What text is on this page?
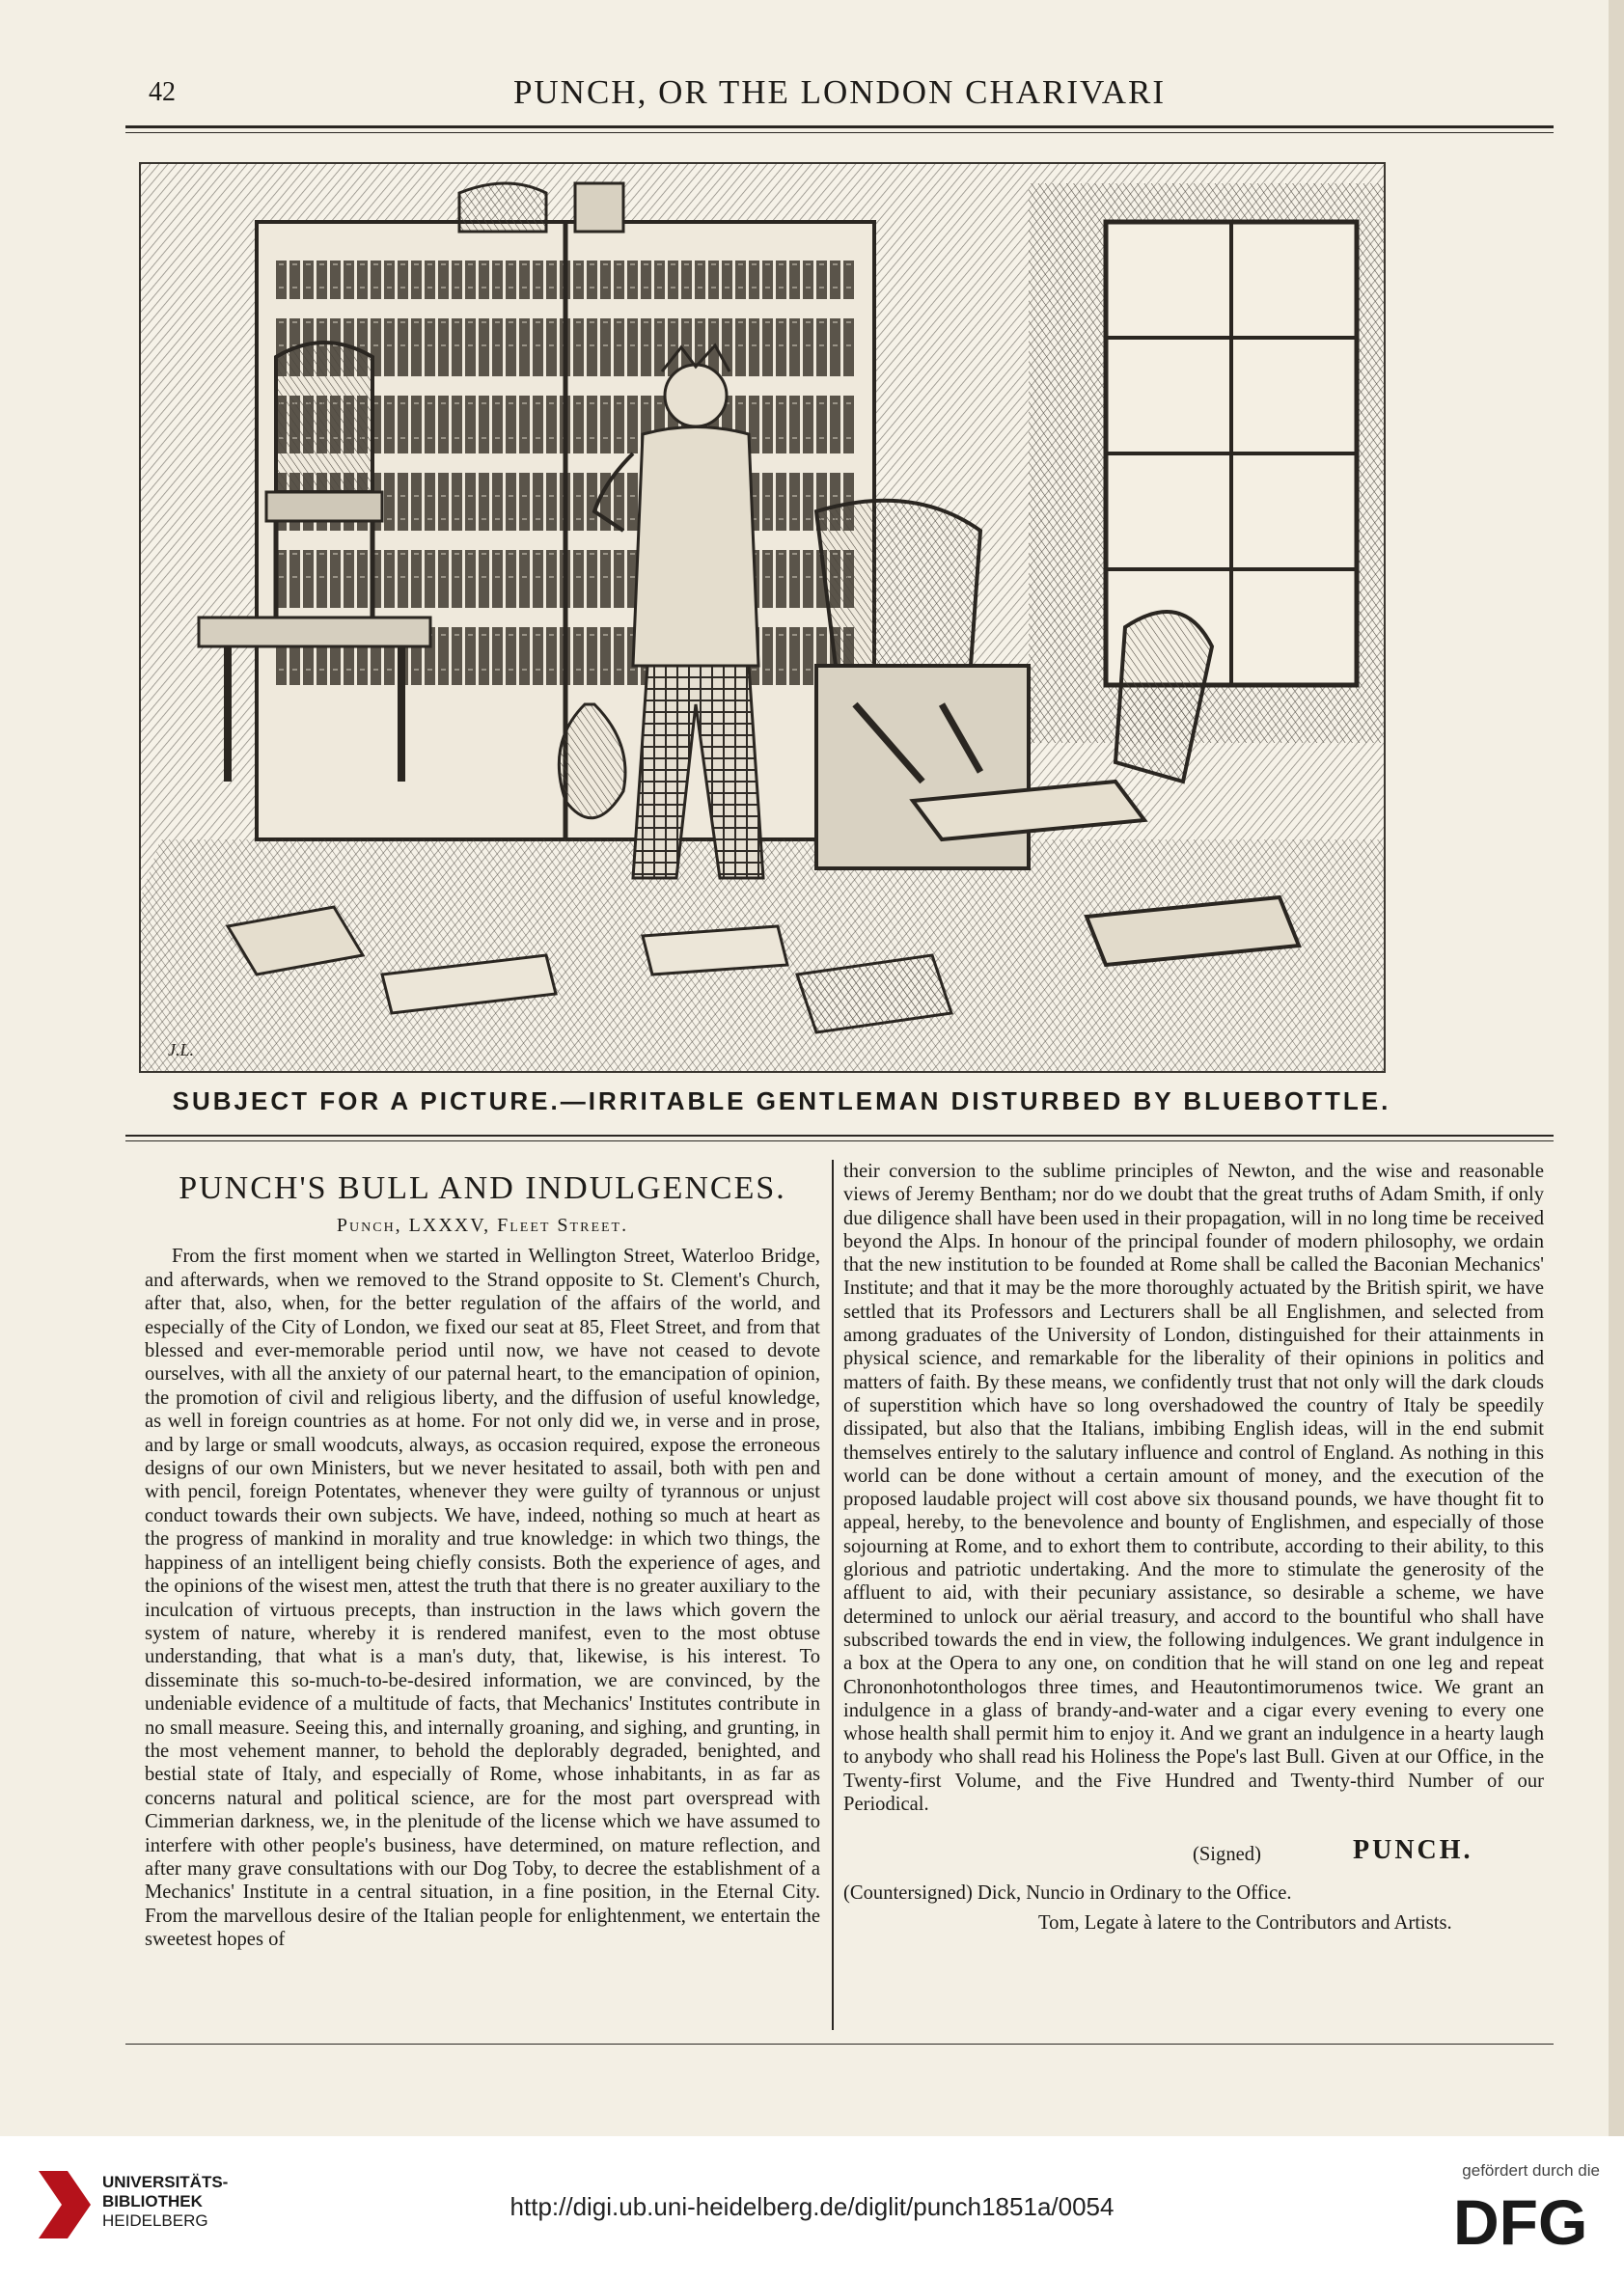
42	PUNCH, OR THE LONDON CHARIVARI
J.L.
SUBJECT FOR A PICTURE.—IRRITABLE GENTLEMAN DISTURBED BY BLUEBOTTLE.
PUNCH'S BULL AND INDULGENCES.
Punch, LXXXV, Fleet Street.

From the first moment when we started in Wellington Street, Waterloo Bridge, and afterwards, when we removed to the Strand opposite to St. Clement's Church, after that, also, when, for the better regulation of the affairs of the world, and especially of the City of London, we fixed our seat at 85, Fleet Street, and from that blessed and ever-memorable period until now, we have not ceased to devote ourselves, with all the anxiety of our paternal heart, to the emancipation of opinion, the promotion of civil and religious liberty, and the diffusion of useful knowledge, as well in foreign countries as at home. For not only did we, in verse and in prose, and by large or small woodcuts, always, as occasion required, expose the erroneous designs of our own Ministers, but we never hesitated to assail, both with pen and with pencil, foreign Potentates, whenever they were guilty of tyrannous or unjust conduct towards their own subjects. We have, indeed, nothing so much at heart as the progress of mankind in morality and true knowledge: in which two things, the happiness of an intelligent being chiefly consists. Both the experience of ages, and the opinions of the wisest men, attest the truth that there is no greater auxiliary to the inculcation of virtuous precepts, than instruction in the laws which govern the system of nature, whereby it is rendered manifest, even to the most obtuse understanding, that what is a man's duty, that, likewise, is his interest. To disseminate this so-much-to-be-desired information, we are convinced, by the undeniable evidence of a multitude of facts, that Mechanics' Institutes contribute in no small measure. Seeing this, and internally groaning, and sighing, and grunting, in the most vehement manner, to behold the deplorably degraded, benighted, and bestial state of Italy, and especially of Rome, whose inhabitants, in as far as concerns natural and political science, are for the most part overspread with Cimmerian darkness, we, in the plenitude of the license which we have assumed to interfere with other people's business, have determined, on mature reflection, and after many grave consultations with our Dog Toby, to decree the establishment of a Mechanics' Institute in a central situation, in a fine position, in the Eternal City. From the marvellous desire of the Italian people for enlightenment, we entertain the sweetest hopes of

their conversion to the sublime principles of Newton, and the wise and reasonable views of Jeremy Bentham; nor do we doubt that the great truths of Adam Smith, if only due diligence shall have been used in their propagation, will in no long time be received beyond the Alps. In honour of the principal founder of modern philosophy, we ordain that the new institution to be founded at Rome shall be called the Baconian Mechanics' Institute; and that it may be the more thoroughly actuated by the British spirit, we have settled that its Professors and Lecturers shall be all Englishmen, and selected from among graduates of the University of London, distinguished for their attainments in physical science, and remarkable for the liberality of their opinions in politics and matters of faith. By these means, we confidently trust that not only will the dark clouds of superstition which have so long overshadowed the country of Italy be speedily dissipated, but also that the Italians, imbibing English ideas, will in the end submit themselves entirely to the salutary influence and control of England. As nothing in this world can be done without a certain amount of money, and the execution of the proposed laudable project will cost above six thousand pounds, we have thought fit to appeal, hereby, to the benevolence and bounty of Englishmen, and especially of those sojourning at Rome, and to exhort them to contribute, according to their ability, to this glorious and patriotic undertaking. And the more to stimulate the generosity of the affluent to aid, with their pecuniary assistance, so desirable a scheme, we have determined to unlock our aërial treasury, and accord to the bountiful who shall have subscribed towards the end in view, the following indulgences. We grant indulgence in a box at the Opera to any one, on condition that he will stand on one leg and repeat Chrononhotonthologos three times, and Heautontimorumenos twice. We grant an indulgence in a glass of brandy-and-water and a cigar every evening to every one whose health shall permit him to enjoy it. And we grant an indulgence in a hearty laugh to anybody who shall read his Holiness the Pope's last Bull. Given at our Office, in the Twenty-first Volume, and the Five Hundred and Twenty-third Number of our Periodical.

(Signed)	PUNCH.
(Countersigned) Dick, Nuncio in Ordinary to the Office.
Tom, Legate à latere to the Contributors and Artists.
UNIVERSITÄTS-
BIBLIOTHEK
HEIDELBERG	http://digi.ub.uni-heidelberg.de/diglit/punch1851a/0054
gefördert durch die
DFG
